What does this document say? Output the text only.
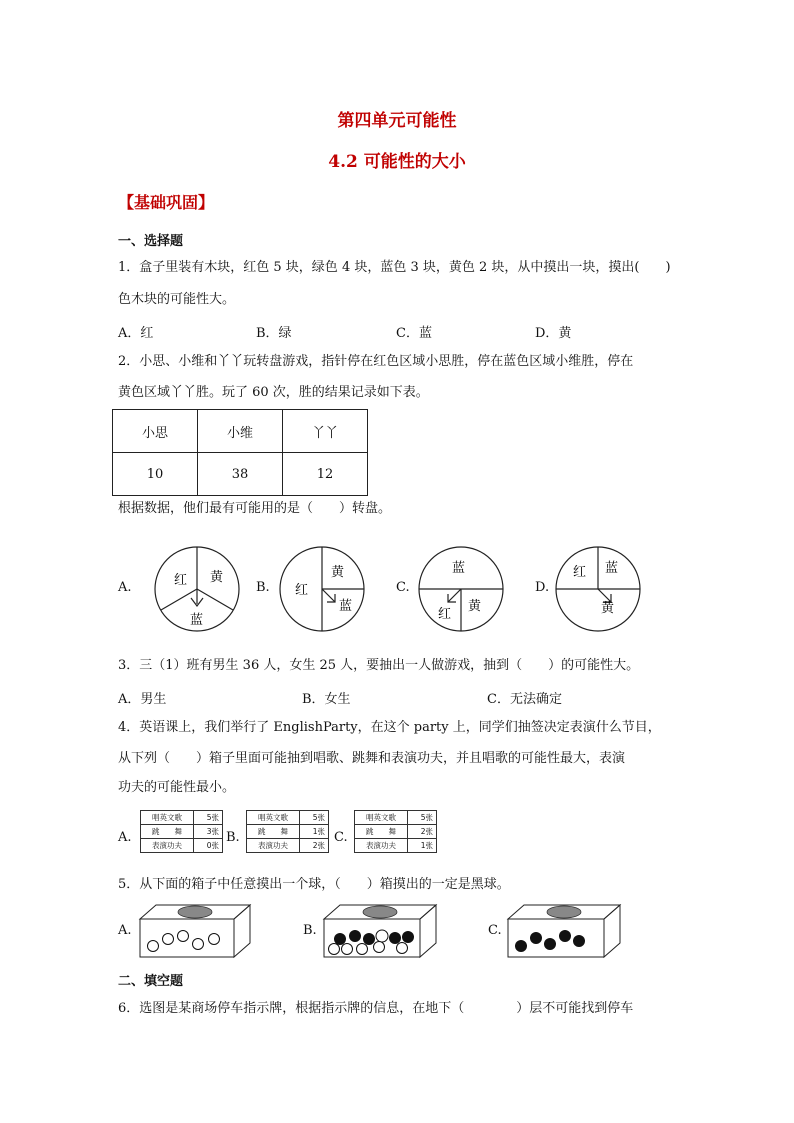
第四单元可能性
4.2 可能性的大小
【基础巩固】
一、选择题
1．盒子里装有木块，红色 5 块，绿色 4 块，蓝色 3 块，黄色 2 块，从中摸出一块，摸出(　　)
色木块的可能性大。
A．红	B．绿	C．蓝	D．黄
2．小思、小维和丫丫玩转盘游戏，指针停在红色区域小思胜，停在蓝色区域小维胜，停在
黄色区域丫丫胜。玩了 60 次，胜的结果记录如下表。
小思	小维	丫丫
10	38	12
根据数据，他们最有可能用的是（　　）转盘。
A.	红 黄
蓝
B. 红
黄
蓝
C.
蓝
红
黄
D.
红 蓝
黄
3．三（1）班有男生 36 人，女生 25 人，要抽出一人做游戏，抽到（　　）的可能性大。
A．男生	B．女生	C．无法确定
4．英语课上，我们举行了 EnglishParty，在这个 party 上，同学们抽签决定表演什么节目，
从下列（　　）箱子里面可能抽到唱歌、跳舞和表演功夫，并且唱歌的可能性最大，表演
功夫的可能性最小。
A.
唱英文歌	5张
跳　　舞	3张
表演功夫	0张
B.
唱英文歌	5张
跳　　舞	1张
表演功夫	2张
C.
唱英文歌	5张
跳　　舞	2张
表演功夫	1张
5．从下面的箱子中任意摸出一个球，（　　）箱摸出的一定是黑球。
A.	B.	C.
二、填空题
6．选图是某商场停车指示牌，根据指示牌的信息，在地下（　　　　）层不可能找到停车
